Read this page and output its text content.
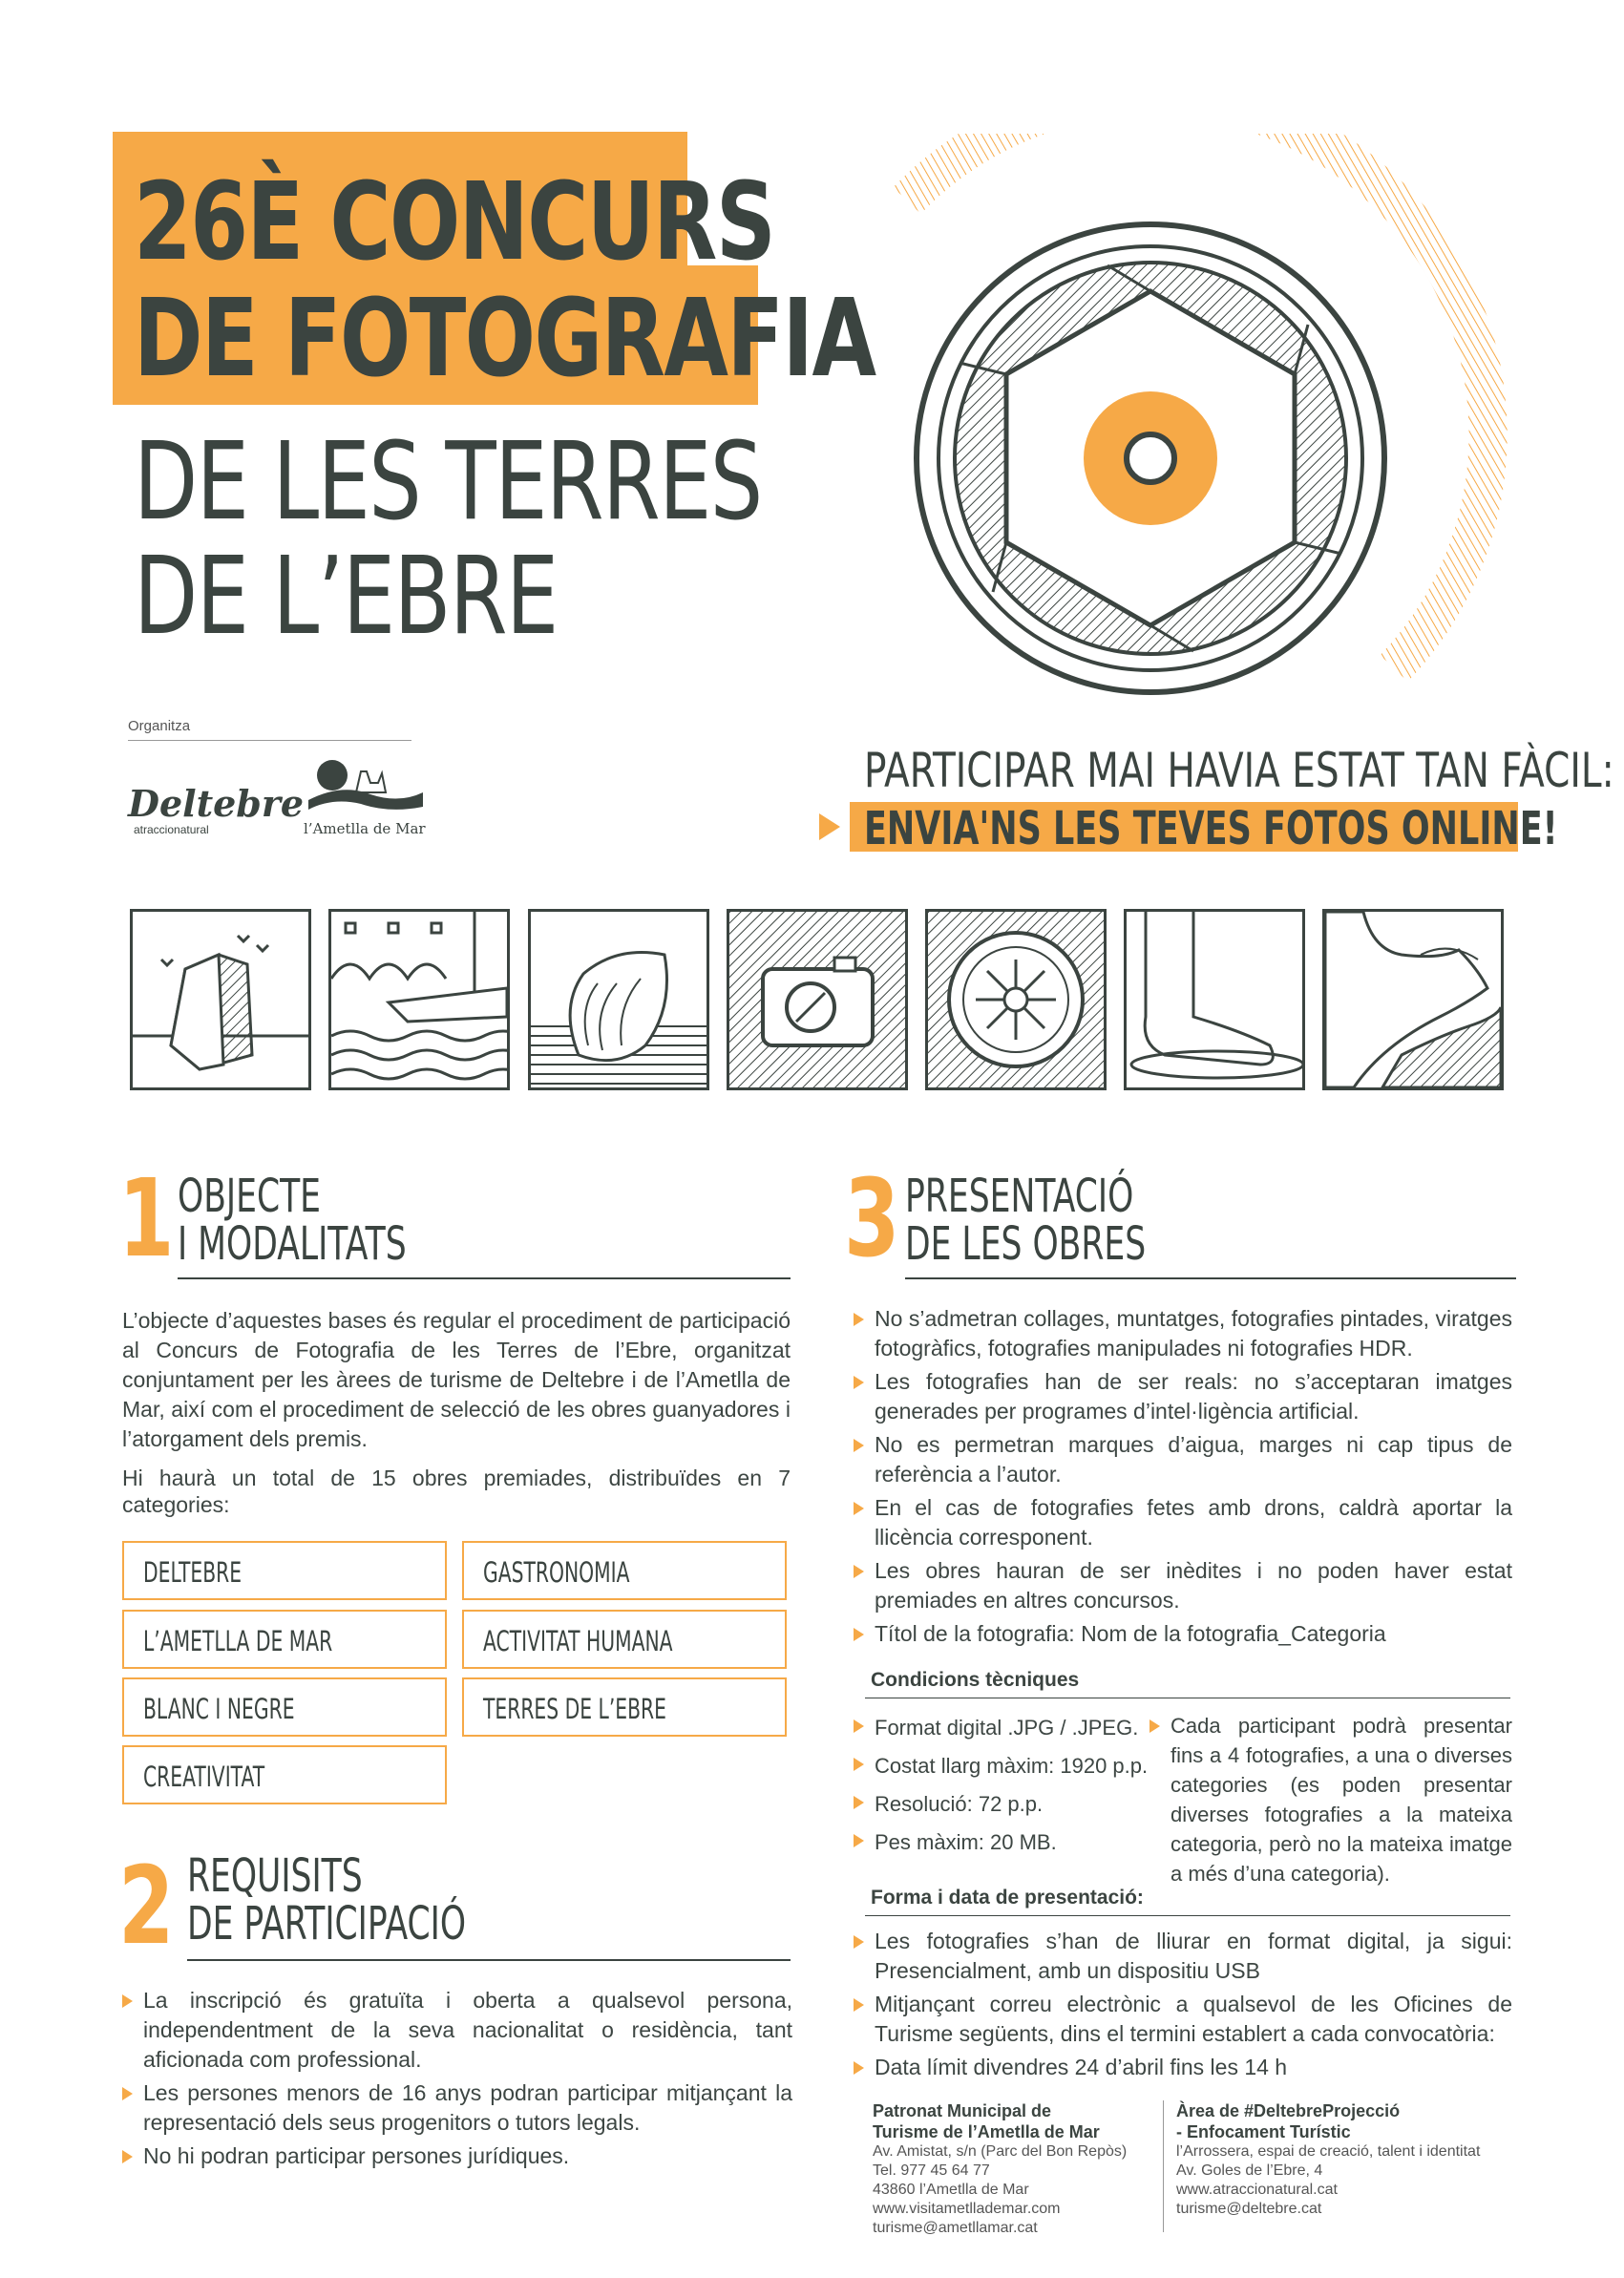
26È CONCURS
DE FOTOGRAFIA
DE LES TERRES
DE L’EBRE
Organitza
Deltebre
atraccionatural	l’Ametlla de Mar
PARTICIPAR MAI HAVIA ESTAT TAN FÀCIL:
ENVIA'NS LES TEVES FOTOS ONLINE!
1 OBJECTE
I MODALITATS
L’objecte d’aquestes bases és regular el procediment de participació al Concurs de Fotografia de les Terres de l’Ebre, organitzat conjuntament per les àrees de turisme de Deltebre i de l’Ametlla de Mar, així com el procediment de selecció de les obres guanyadores i l’atorgament dels premis.
Hi haurà un total de 15 obres premiades, distribuïdes en 7 categories:
DELTEBRE	GASTRONOMIA
L’AMETLLA DE MAR	ACTIVITAT HUMANA
BLANC I NEGRE	TERRES DE L’EBRE
CREATIVITAT
2 REQUISITS
DE PARTICIPACIÓ
La inscripció és gratuïta i oberta a qualsevol persona, independentment de la seva nacionalitat o residència, tant aficionada com professional.
Les persones menors de 16 anys podran participar mitjançant la representació dels seus progenitors o tutors legals.
No hi podran participar persones jurídiques.
3 PRESENTACIÓ
DE LES OBRES
No s’admetran collages, muntatges, fotografies pintades, viratges fotogràfics, fotografies manipulades ni fotografies HDR.
Les fotografies han de ser reals: no s’acceptaran imatges generades per programes d’intel·ligència artificial.
No es permetran marques d’aigua, marges ni cap tipus de referència a l’autor.
En el cas de fotografies fetes amb drons, caldrà aportar la llicència corresponent.
Les obres hauran de ser inèdites i no poden haver estat premiades en altres concursos.
Títol de la fotografia: Nom de la fotografia_Categoria
Condicions tècniques
Format digital .JPG / .JPEG.
Costat llarg màxim: 1920 p.p.
Resolució: 72 p.p.
Pes màxim: 20 MB.
Cada participant podrà presentar fins a 4 fotografies, a una o diverses categories (es poden presentar diverses fotografies a la mateixa categoria, però no la mateixa imatge a més d’una categoria).
Forma i data de presentació:
Les fotografies s’han de lliurar en format digital, ja sigui: Presencialment, amb un dispositiu USB
Mitjançant correu electrònic a qualsevol de les Oficines de Turisme següents, dins el termini establert a cada convocatòria:
Data límit divendres 24 d’abril fins les 14 h
Patronat Municipal de
Turisme de l’Ametlla de Mar
Av. Amistat, s/n (Parc del Bon Repòs)
Tel. 977 45 64 77
43860 l’Ametlla de Mar
www.visitametllademar.com
turisme@ametllamar.cat
Àrea de #DeltebreProjecció
- Enfocament Turístic
l’Arrossera, espai de creació, talent i identitat
Av. Goles de l’Ebre, 4
www.atraccionatural.cat
turisme@deltebre.cat
